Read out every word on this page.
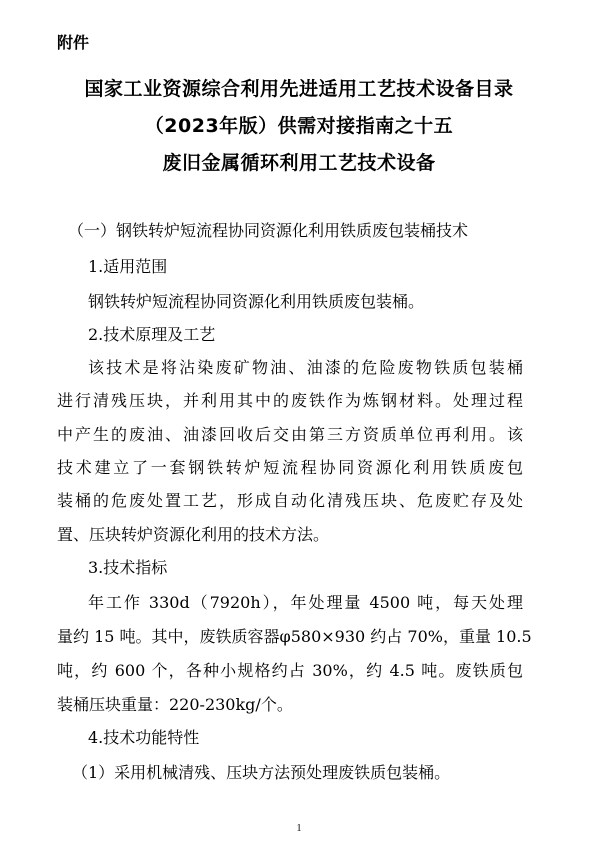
附件
国家工业资源综合利用先进适用工艺技术设备目录
（2023年版）供需对接指南之十五
废旧金属循环利用工艺技术设备
（一）钢铁转炉短流程协同资源化利用铁质废包装桶技术
1.适用范围
钢铁转炉短流程协同资源化利用铁质废包装桶。
2.技术原理及工艺
该技术是将沾染废矿物油、油漆的危险废物铁质包装桶
进行清残压块，并利用其中的废铁作为炼钢材料。处理过程
中产生的废油、油漆回收后交由第三方资质单位再利用。该
技术建立了一套钢铁转炉短流程协同资源化利用铁质废包
装桶的危废处置工艺，形成自动化清残压块、危废贮存及处
置、压块转炉资源化利用的技术方法。
3.技术指标
年工作 330d（7920h），年处理量 4500 吨，每天处理
量约 15 吨。其中，废铁质容器φ580×930 约占 70%，重量 10.5
吨，约 600 个，各种小规格约占 30%，约 4.5 吨。废铁质包
装桶压块重量：220-230kg/个。
4.技术功能特性
（1）采用机械清残、压块方法预处理废铁质包装桶。
1
